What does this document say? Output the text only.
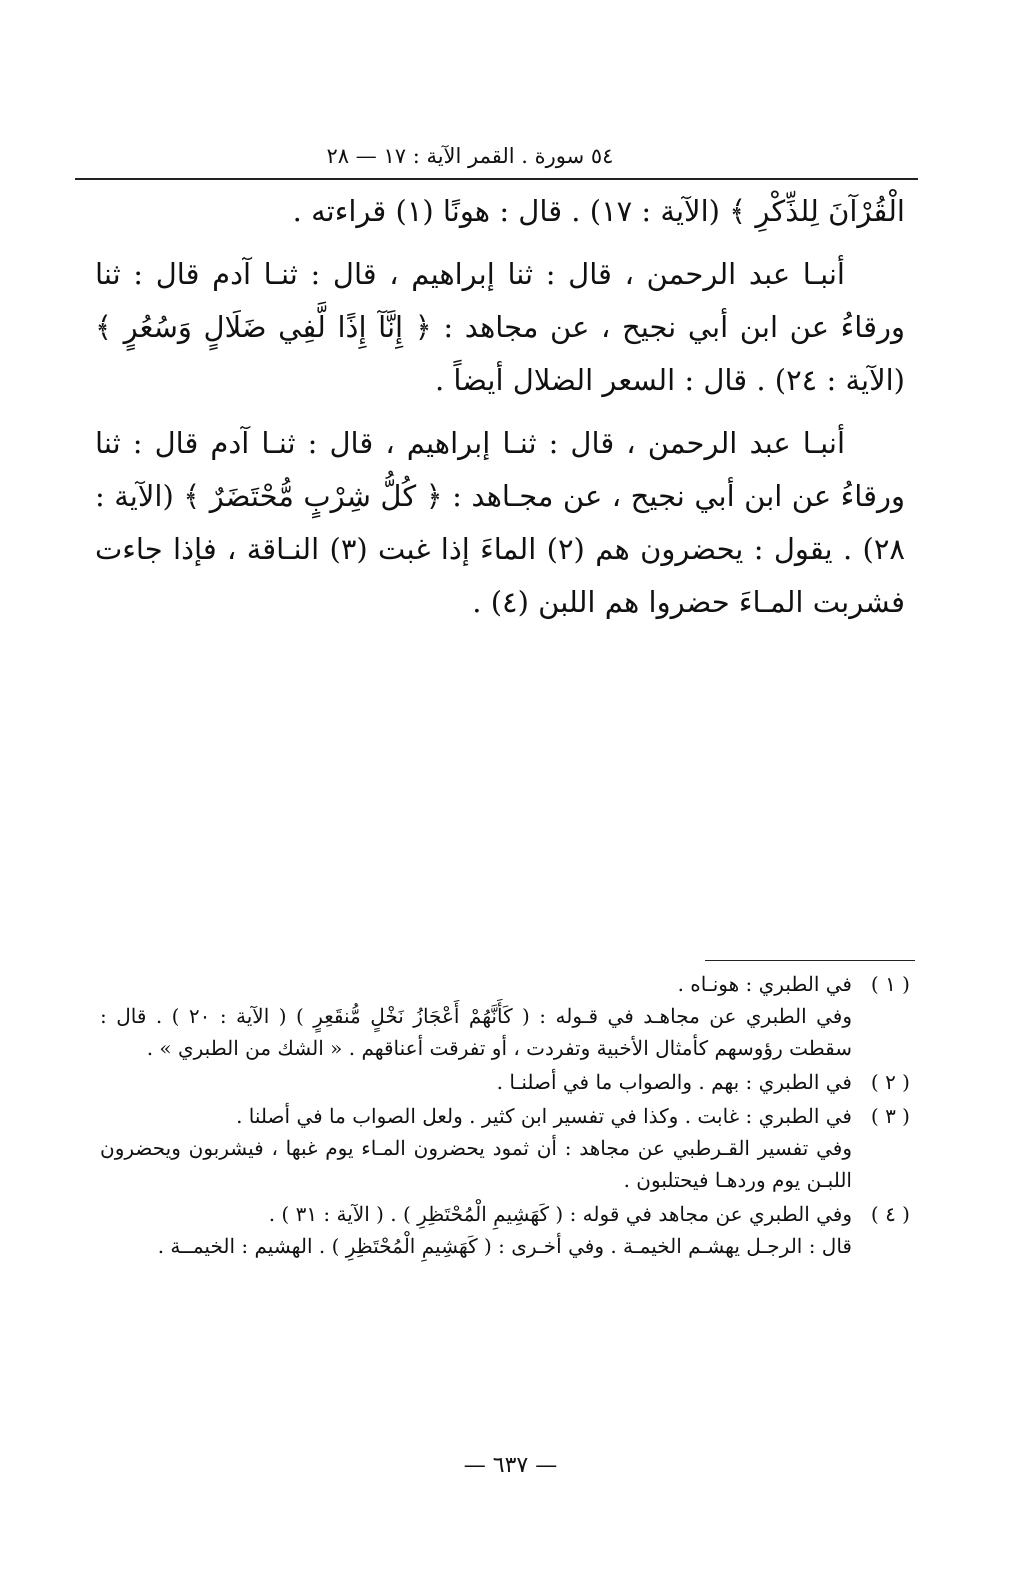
٥٤ سورة . القمر الآية : ١٧ — ٢٨

الْقُرْآنَ لِلذِّكْرِ ﴾ (الآية : ١٧) . قال : هونًا (١) قراءته .

أنبـا عبد الرحمن ، قال : ثنا إبراهيم ، قال : ثنـا آدم قال : ثنا ورقاءُ عن ابن أبي نجيح ، عن مجاهد : ﴿ إِنَّآ إِذًا لَّفِي ضَلَالٍ وَسُعُرٍ ﴾ (الآية : ٢٤) . قال : السعر الضلال أيضاً .

أنبـا عبد الرحمن ، قال : ثنـا إبراهيم ، قال : ثنـا آدم قال : ثنا ورقاءُ عن ابن أبي نجيح ، عن مجـاهد : ﴿ كُلُّ شِرْبٍ مُّحْتَضَرٌ ﴾ (الآية : ٢٨) . يقول : يحضرون هم (٢) الماءَ إذا غبت (٣) النـاقة ، فإذا جاءت فشربت المـاءَ حضروا هم اللبن (٤) .

( ١ )
في الطبري : هونـاه .
وفي الطبري عن مجاهـد في قـوله : ( كَأَنَّهُمْ أَعْجَازُ نَخْلٍ مُّنقَعِرٍ ) ( الآية : ٢٠ ) . قال : سقطت رؤوسهم كأمثال الأخبية وتفردت ، أو تفرقت أعناقهم . « الشك من الطبري » .
( ٢ )
في الطبري : بهم . والصواب ما في أصلنـا .
( ٣ )
في الطبري : غابت . وكذا في تفسير ابن كثير . ولعل الصواب ما في أصلنا .
وفي تفسير القـرطبي عن مجاهد : أن ثمود يحضرون المـاء يوم غبها ، فيشربون ويحضرون اللبـن يوم وردهـا فيحتلبون .
( ٤ )
وفي الطبري عن مجاهد في قوله : ( كَهَشِيمِ الْمُحْتَظِرِ ) . ( الآية : ٣١ ) .
قال : الرجـل يهشـم الخيمـة . وفي أخـرى : ( كَهَشِيمِ الْمُحْتَظِرِ ) . الهشيم : الخيمــة .
— ٦٣٧ —
